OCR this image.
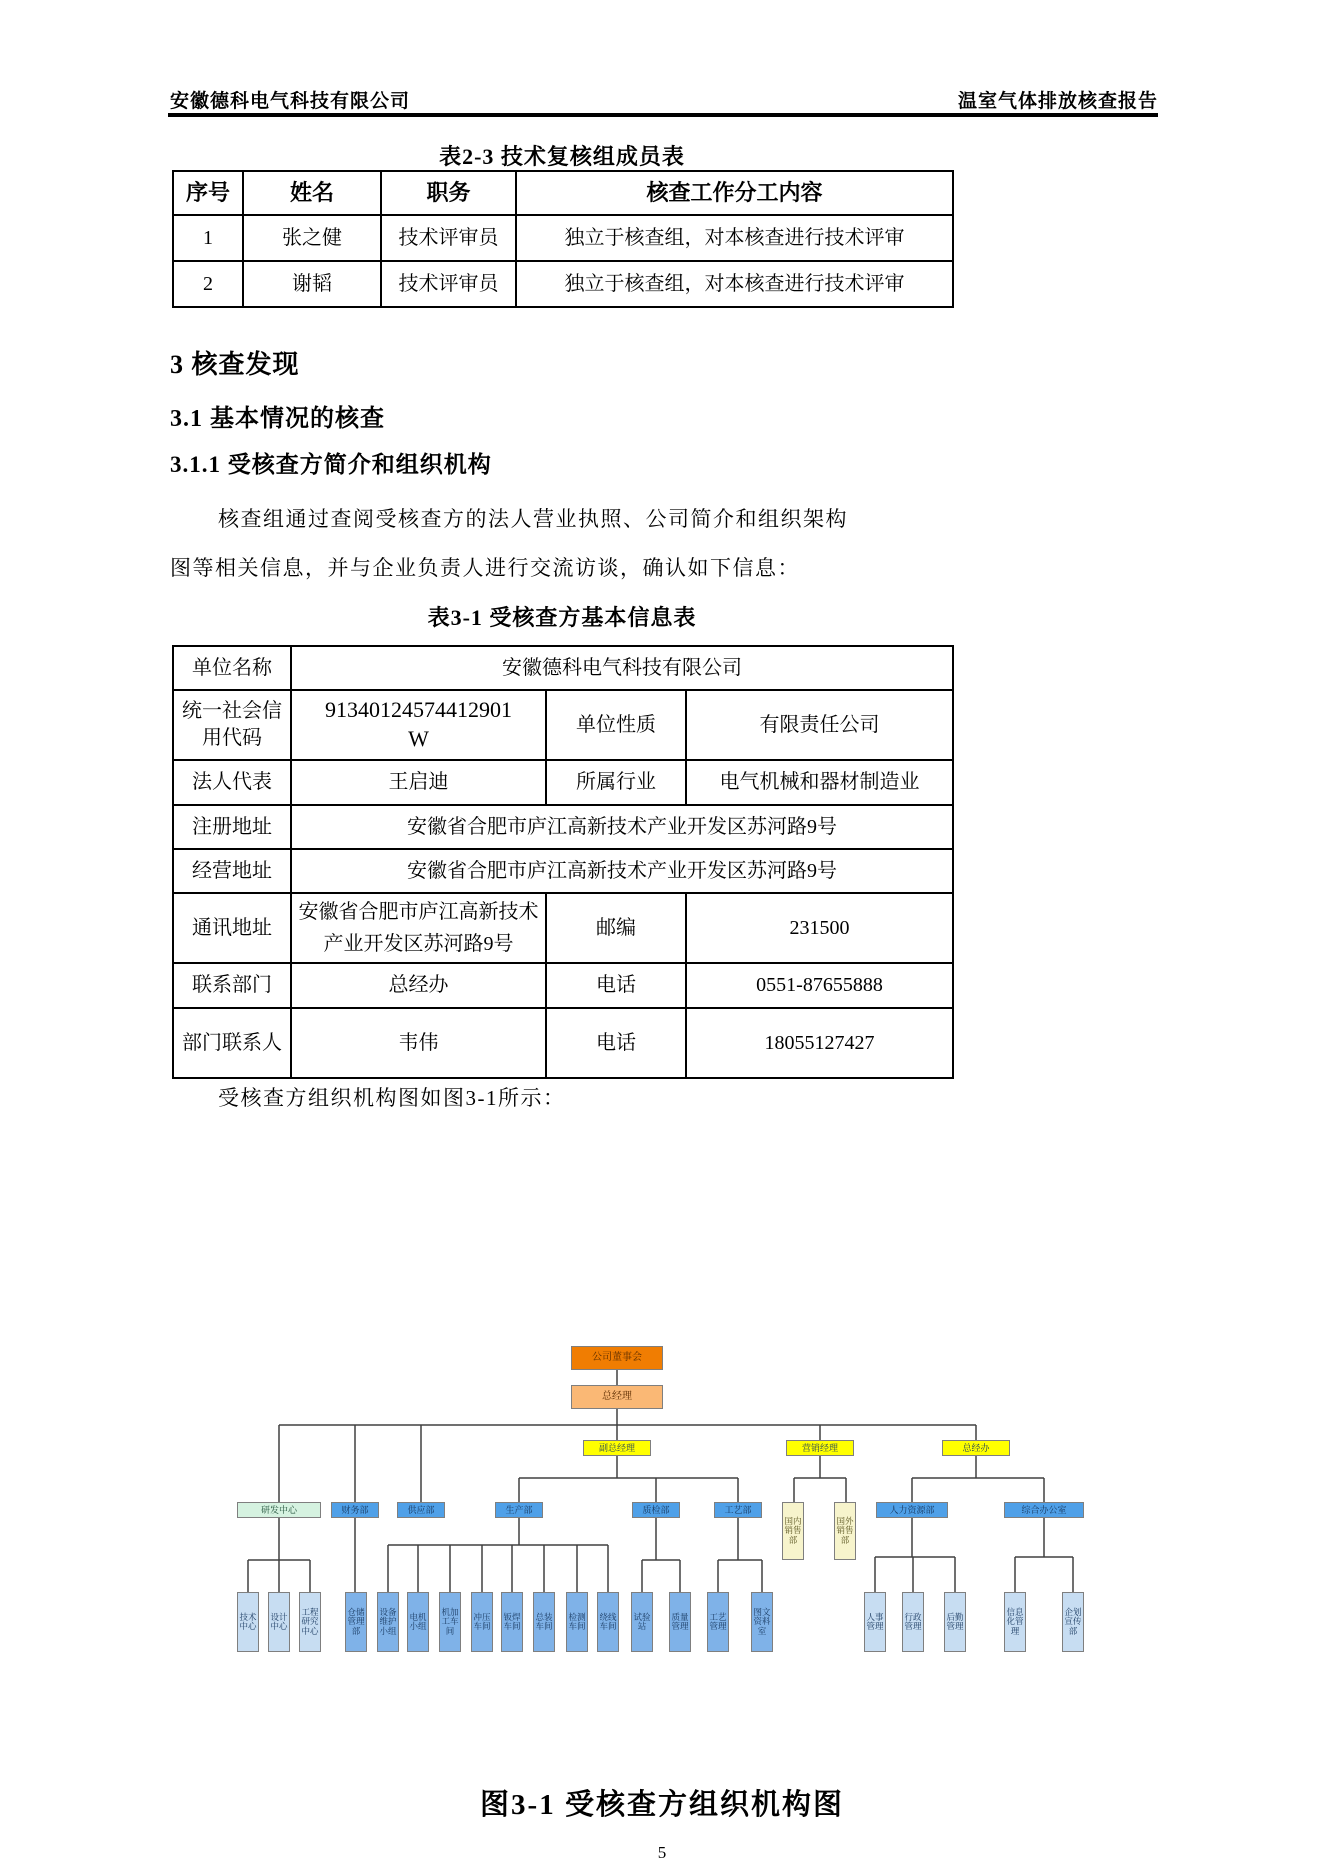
安徽德科电气科技有限公司	温室气体排放核查报告
表2-3 技术复核组成员表
序号	姓名	职务	核查工作分工内容
1	张之健	技术评审员	独立于核查组，对本核查进行技术评审
2	谢韬	技术评审员	独立于核查组，对本核查进行技术评审
3 核查发现
3.1 基本情况的核查
3.1.1 受核查方简介和组织机构
核查组通过查阅受核查方的法人营业执照、公司简介和组织架构
图等相关信息，并与企业负责人进行交流访谈，确认如下信息：
表3-1 受核查方基本信息表
单位名称	安徽德科电气科技有限公司		
统一社会信用代码	91340124574412901W	单位性质	有限责任公司
法人代表	王启迪	所属行业	电气机械和器材制造业
注册地址	安徽省合肥市庐江高新技术产业开发区苏河路9号		
经营地址	安徽省合肥市庐江高新技术产业开发区苏河路9号		
通讯地址	安徽省合肥市庐江高新技术产业开发区苏河路9号	邮编	231500
联系部门	总经办	电话	0551-87655888
部门联系人	韦伟	电话	18055127427
受核查方组织机构图如图3-1所示：
公司董事会
总经理
副总经理	营销经理	总经办
研发中心	财务部	供应部	生产部	质检部	工艺部	人力资源部	综合办公室
国内销售部
国外销售部
技术中心
设计中心
工程研究中心
仓储管理部
设备维护小组
电机小组
机加工车间
冲压车间
钣焊车间
总装车间
检测车间
绕线车间
试验站
质量管理
工艺管理
图文资料室
人事管理
行政管理
后勤管理
信息化管理
企划宣传部
图3-1 受核查方组织机构图
5
